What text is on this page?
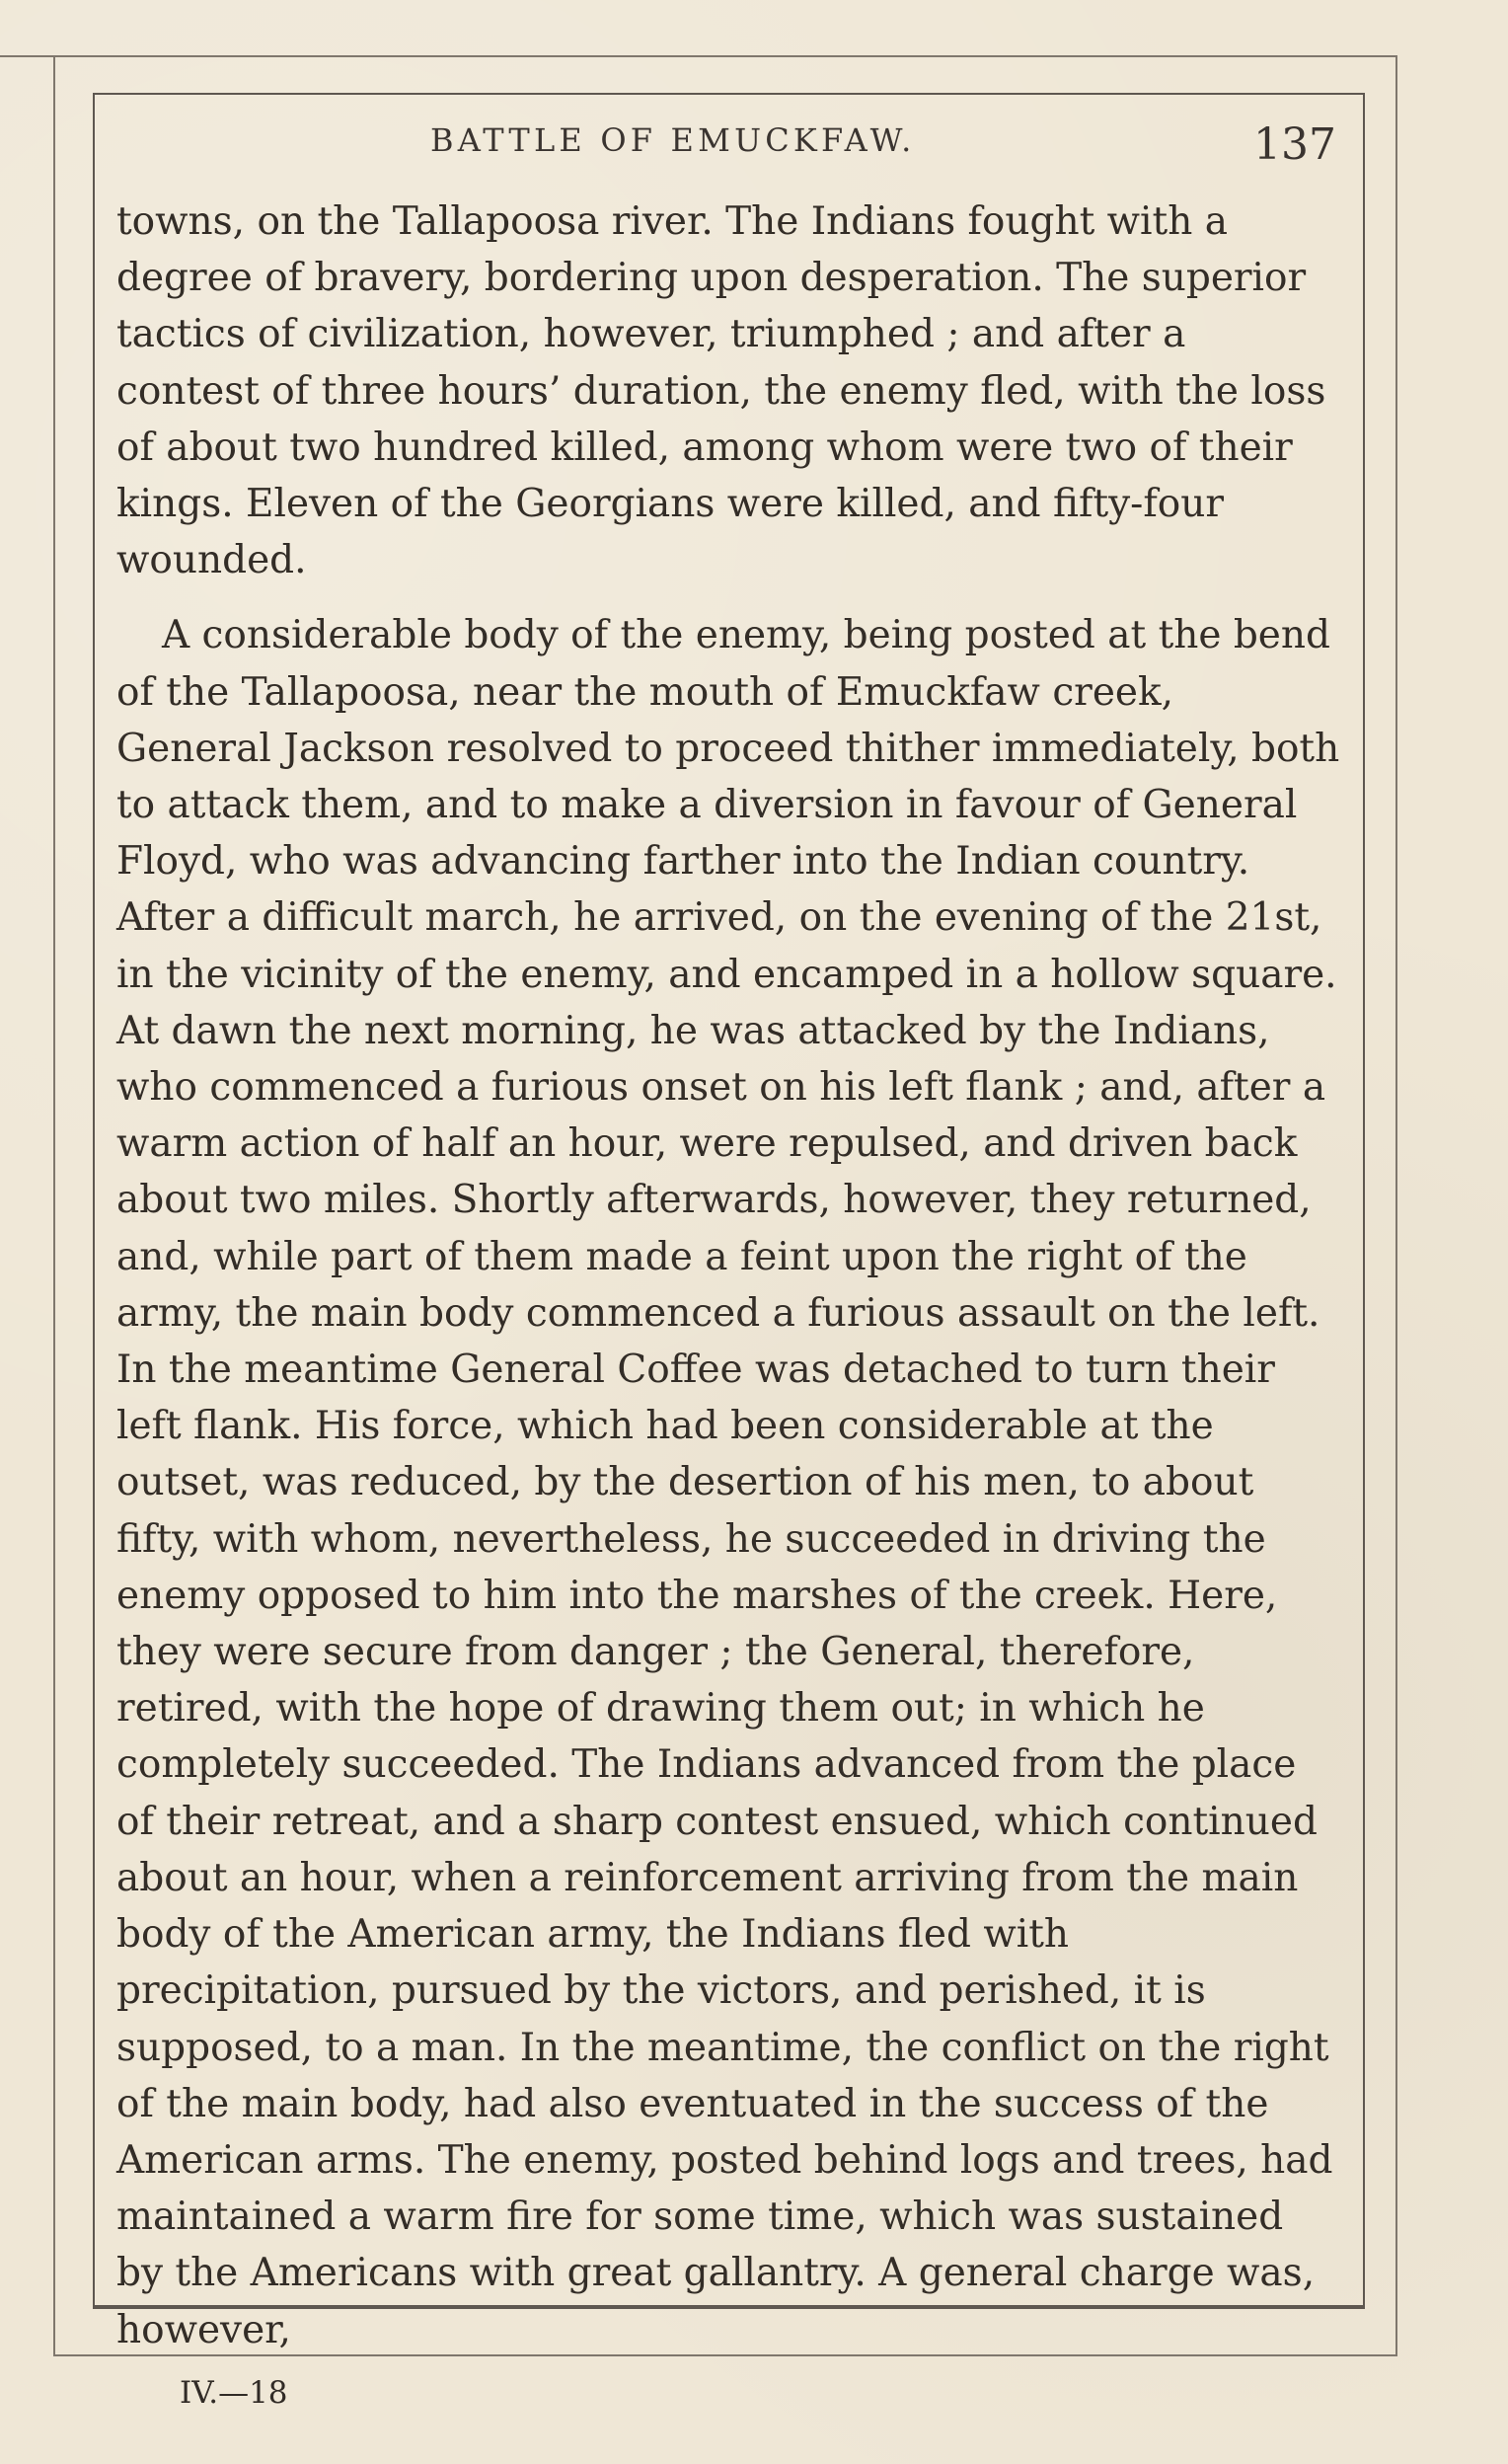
BATTLE OF EMUCKFAW.	137

towns, on the Tallapoosa river. The Indians fought with a degree of bravery, bordering upon desperation. The superior tactics of civilization, however, triumphed ; and after a contest of three hours’ duration, the enemy fled, with the loss of about two hundred killed, among whom were two of their kings. Eleven of the Georgians were killed, and fifty-four wounded.

A considerable body of the enemy, being posted at the bend of the Tallapoosa, near the mouth of Emuckfaw creek, General Jackson resolved to proceed thither immediately, both to attack them, and to make a diversion in favour of General Floyd, who was advancing farther into the Indian country. After a difficult march, he arrived, on the evening of the 21st, in the vicinity of the enemy, and encamped in a hollow square. At dawn the next morning, he was attacked by the Indians, who commenced a furious onset on his left flank ; and, after a warm action of half an hour, were repulsed, and driven back about two miles. Shortly afterwards, however, they returned, and, while part of them made a feint upon the right of the army, the main body commenced a furious assault on the left. In the meantime General Coffee was detached to turn their left flank. His force, which had been considerable at the outset, was reduced, by the desertion of his men, to about fifty, with whom, nevertheless, he succeeded in driving the enemy opposed to him into the marshes of the creek. Here, they were secure from danger ; the General, therefore, retired, with the hope of drawing them out; in which he completely succeeded. The Indians advanced from the place of their retreat, and a sharp contest ensued, which continued about an hour, when a reinforcement arriving from the main body of the American army, the Indians fled with precipitation, pursued by the victors, and perished, it is supposed, to a man. In the meantime, the conflict on the right of the main body, had also eventuated in the success of the American arms. The enemy, posted behind logs and trees, had maintained a warm fire for some time, which was sustained by the Americans with great gallantry. A general charge was, however,

IV.—18
